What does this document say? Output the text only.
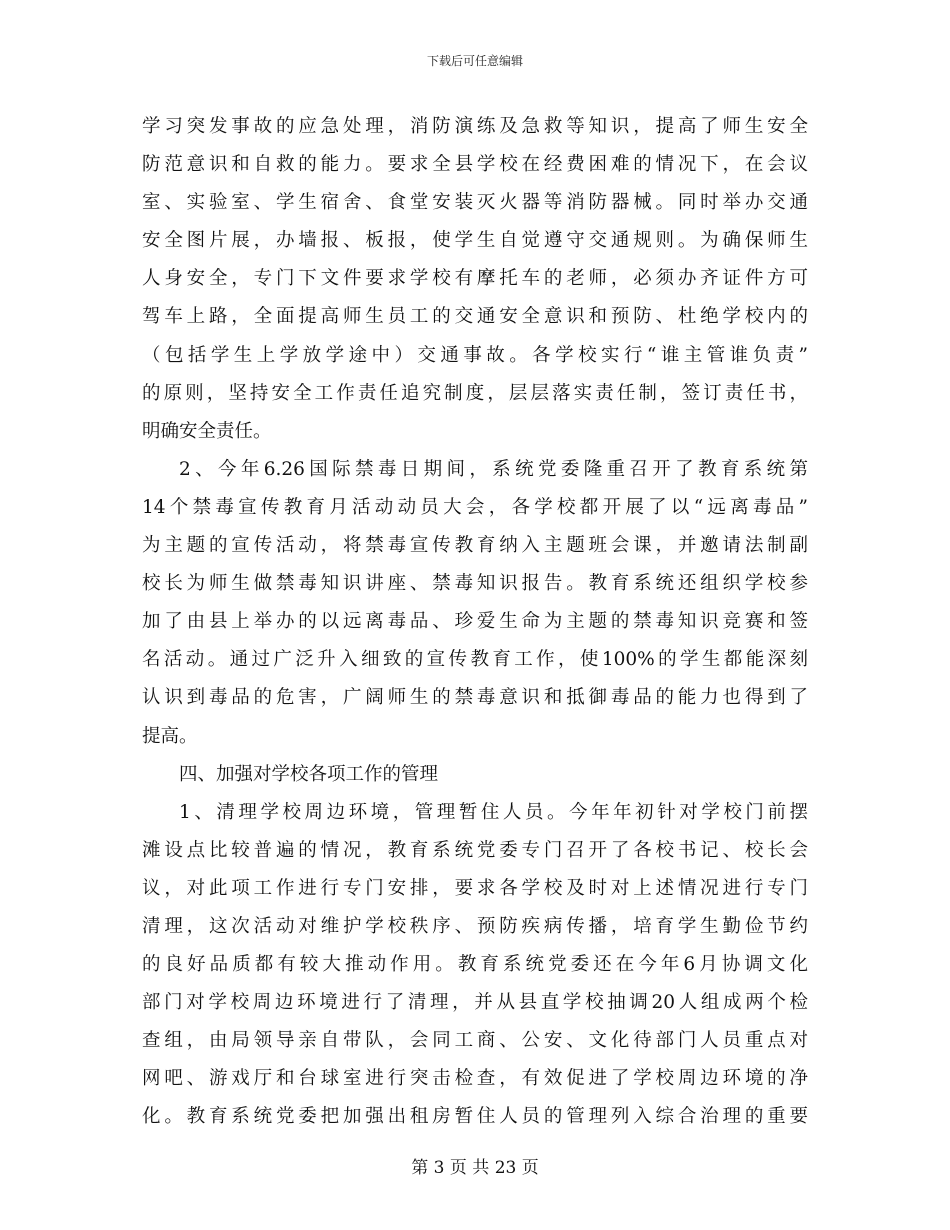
下载后可任意编辑
学习突发事故的应急处理，消防演练及急救等知识，提高了师生安全
防范意识和自救的能力。要求全县学校在经费困难的情况下，在会议
室、实验室、学生宿舍、食堂安装灭火器等消防器械。同时举办交通
安全图片展，办墙报、板报，使学生自觉遵守交通规则。为确保师生
人身安全，专门下文件要求学校有摩托车的老师，必须办齐证件方可
驾车上路，全面提高师生员工的交通安全意识和预防、杜绝学校内的
（包括学生上学放学途中）交通事故。各学校实行“谁主管谁负责”
的原则，坚持安全工作责任追究制度，层层落实责任制，签订责任书，
明确安全责任。
2、今年6.26国际禁毒日期间，系统党委隆重召开了教育系统第
14个禁毒宣传教育月活动动员大会，各学校都开展了以“远离毒品”
为主题的宣传活动，将禁毒宣传教育纳入主题班会课，并邀请法制副
校长为师生做禁毒知识讲座、禁毒知识报告。教育系统还组织学校参
加了由县上举办的以远离毒品、珍爱生命为主题的禁毒知识竞赛和签
名活动。通过广泛升入细致的宣传教育工作，使100%的学生都能深刻
认识到毒品的危害，广阔师生的禁毒意识和抵御毒品的能力也得到了
提高。
四、加强对学校各项工作的管理
1、清理学校周边环境，管理暂住人员。今年年初针对学校门前摆
滩设点比较普遍的情况，教育系统党委专门召开了各校书记、校长会
议，对此项工作进行专门安排，要求各学校及时对上述情况进行专门
清理，这次活动对维护学校秩序、预防疾病传播，培育学生勤俭节约
的良好品质都有较大推动作用。教育系统党委还在今年6月协调文化
部门对学校周边环境进行了清理，并从县直学校抽调20人组成两个检
查组，由局领导亲自带队，会同工商、公安、文化待部门人员重点对
网吧、游戏厅和台球室进行突击检查，有效促进了学校周边环境的净
化。教育系统党委把加强出租房暂住人员的管理列入综合治理的重要
第 3 页 共 23 页
